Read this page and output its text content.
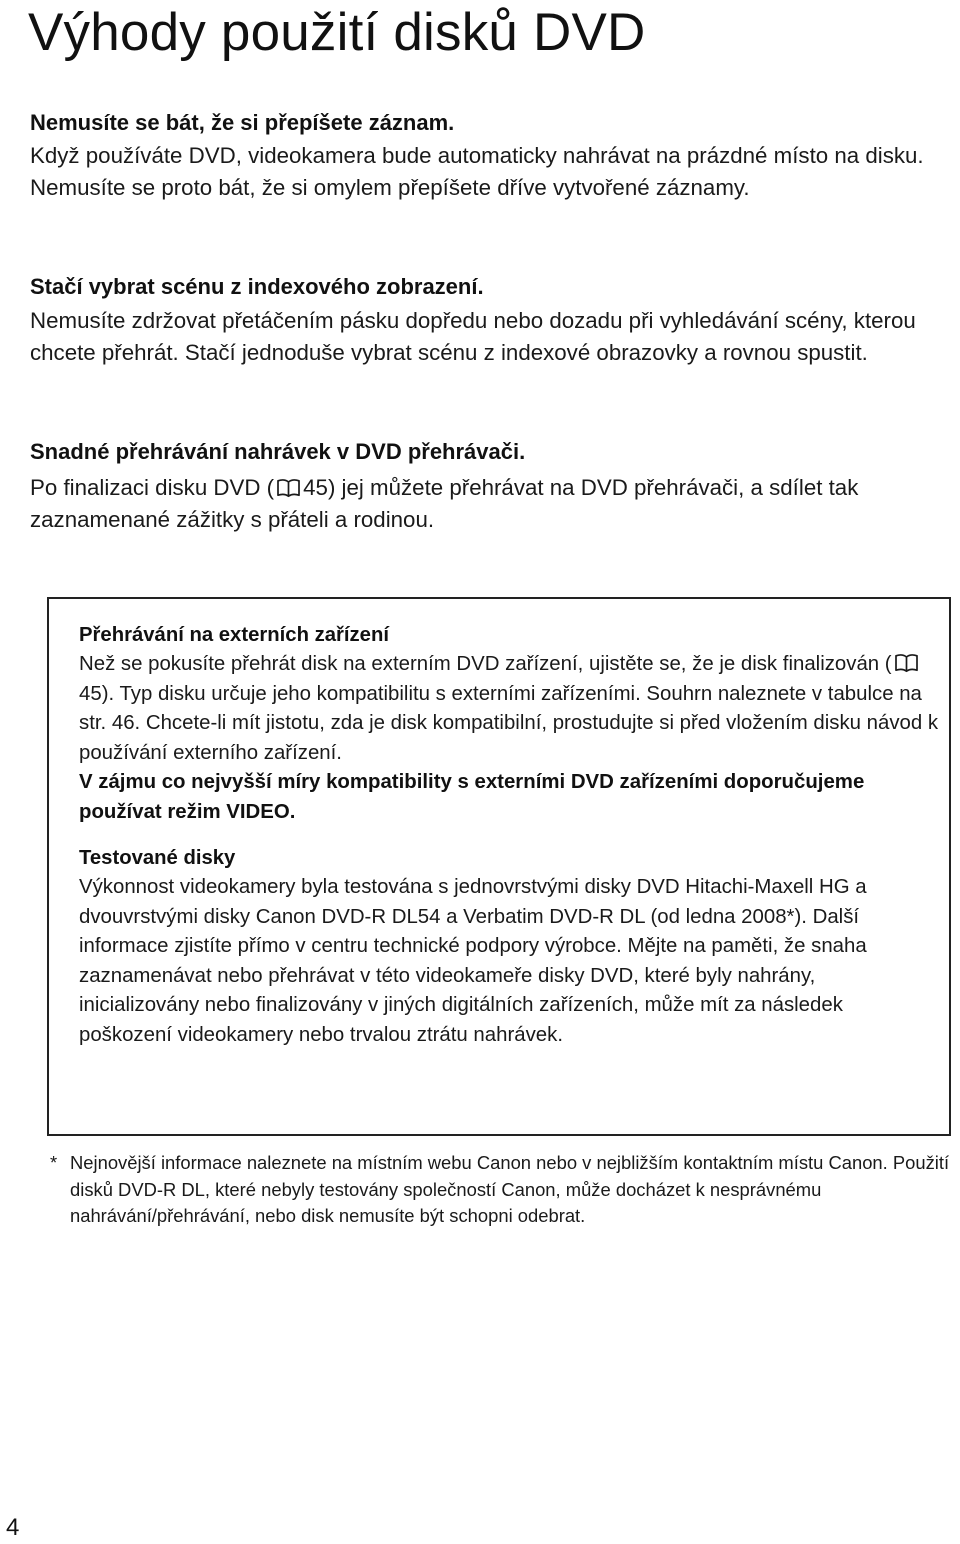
Výhody použití disků DVD
Nemusíte se bát, že si přepíšete záznam.

Když používáte DVD, videokamera bude automaticky nahrávat na prázdné místo na disku. Nemusíte se proto bát, že si omylem přepíšete dříve vytvořené záznamy.

Stačí vybrat scénu z indexového zobrazení.

Nemusíte zdržovat přetáčením pásku dopředu nebo dozadu při vyhledávání scény, kterou chcete přehrát. Stačí jednoduše vybrat scénu z indexové obrazovky a rovnou spustit.

Snadné přehrávání nahrávek v DVD přehrávači.

Po finalizaci disku DVD ( 45) jej můžete přehrávat na DVD přehrávači, a sdílet tak zaznamenané zážitky s přáteli a rodinou.

Přehrávání na externích zařízení

Než se pokusíte přehrát disk na externím DVD zařízení, ujistěte se, že je disk finalizován (
45). Typ disku určuje jeho kompatibilitu s externími zařízeními. Souhrn naleznete v tabulce na str. 46. Chcete-li mít jistotu, zda je disk kompatibilní, prostudujte si před vložením disku návod k používání externího zařízení.

V zájmu co nejvyšší míry kompatibility s externími DVD zařízeními doporučujeme používat režim VIDEO.

Testované disky

Výkonnost videokamery byla testována s jednovrstvými disky DVD Hitachi-Maxell HG a dvouvrstvými disky Canon DVD-R DL54 a Verbatim DVD-R DL (od ledna 2008*). Další informace zjistíte přímo v centru technické podpory výrobce. Mějte na paměti, že snaha zaznamenávat nebo přehrávat v této videokameře disky DVD, které byly nahrány, inicializovány nebo finalizovány v jiných digitálních zařízeních, může mít za následek poškození videokamery nebo trvalou ztrátu nahrávek.

* Nejnovější informace naleznete na místním webu Canon nebo v nejbližším kontaktním místu Canon. Použití disků DVD-R DL, které nebyly testovány společností Canon, může docházet k nesprávnému nahrávání/přehrávání, nebo disk nemusíte být schopni odebrat.

4
